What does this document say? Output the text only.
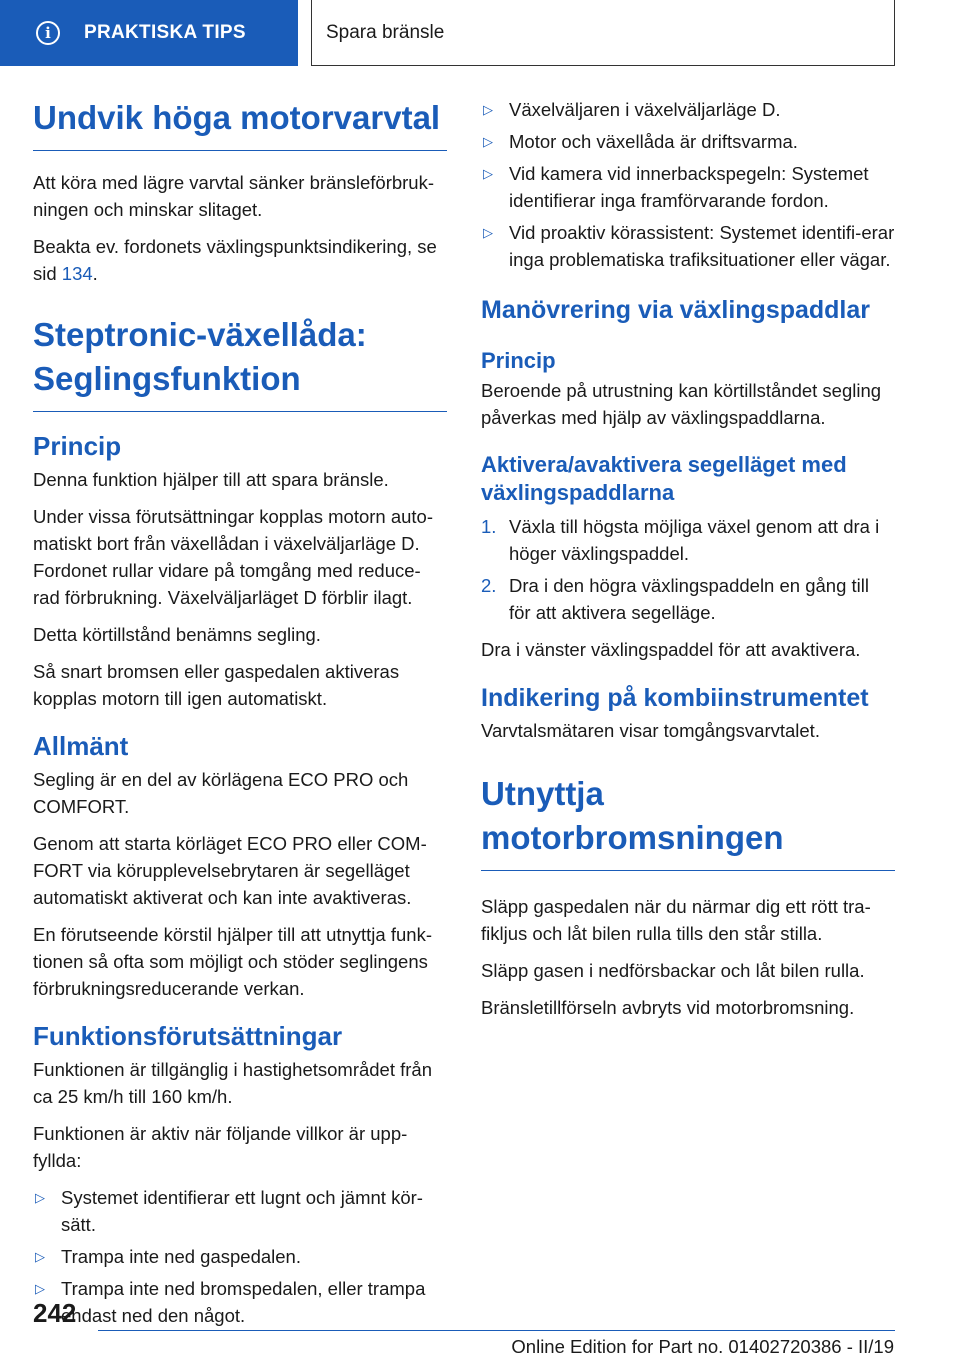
i	PRAKTISKA TIPS	Spara bränsle
Undvik höga motorvarvtal

Att köra med lägre varvtal sänker bränsleförbruk-ningen och minskar slitaget.

Beakta ev. fordonets växlingspunktsindikering, se sid 134.

Steptronic-växellåda: Seglingsfunktion
Princip

Denna funktion hjälper till att spara bränsle.

Under vissa förutsättningar kopplas motorn auto-matiskt bort från växellådan i växelväljarläge D. Fordonet rullar vidare på tomgång med reduce-rad förbrukning. Växelväljarläget D förblir ilagt.

Detta körtillstånd benämns segling.

Så snart bromsen eller gaspedalen aktiveras kopplas motorn till igen automatiskt.

Allmänt

Segling är en del av körlägena ECO PRO och COMFORT.

Genom att starta körläget ECO PRO eller COM-FORT via körupplevelsebrytaren är segelläget automatiskt aktiverat och kan inte avaktiveras.

En förutseende körstil hjälper till att utnyttja funk-tionen så ofta som möjligt och stöder seglingens förbrukningsreducerande verkan.

Funktionsförutsättningar

Funktionen är tillgänglig i hastighetsområdet från ca 25 km/h till 160 km/h.

Funktionen är aktiv när följande villkor är upp-fyllda:

▷ Systemet identifierar ett lugnt och jämnt kör-sätt.
▷ Trampa inte ned gaspedalen.
▷ Trampa inte ned bromspedalen, eller trampa endast ned den något.
▷ Växelväljaren i växelväljarläge D.
▷ Motor och växellåda är driftsvarma.
▷ Vid kamera vid innerbackspegeln: Systemet identifierar inga framförvarande fordon.
▷ Vid proaktiv körassistent: Systemet identifi-erar inga problematiska trafiksituationer eller vägar.
Manövrering via växlingspaddlar
Princip

Beroende på utrustning kan körtillståndet segling påverkas med hjälp av växlingspaddlarna.

Aktivera/avaktivera segelläget med växlingspaddlarna
1. Växla till högsta möjliga växel genom att dra i höger växlingspaddel.
2. Dra i den högra växlingspaddeln en gång till för att aktivera segelläge.

Dra i vänster växlingspaddel för att avaktivera.

Indikering på kombiinstrumentet

Varvtalsmätaren visar tomgångsvarvtalet.

Utnyttja motorbromsningen

Släpp gaspedalen när du närmar dig ett rött tra-fikljus och låt bilen rulla tills den står stilla.

Släpp gasen i nedförsbackar och låt bilen rulla.

Bränsletillförseln avbryts vid motorbromsning.

242
Online Edition for Part no. 01402720386 - II/19
